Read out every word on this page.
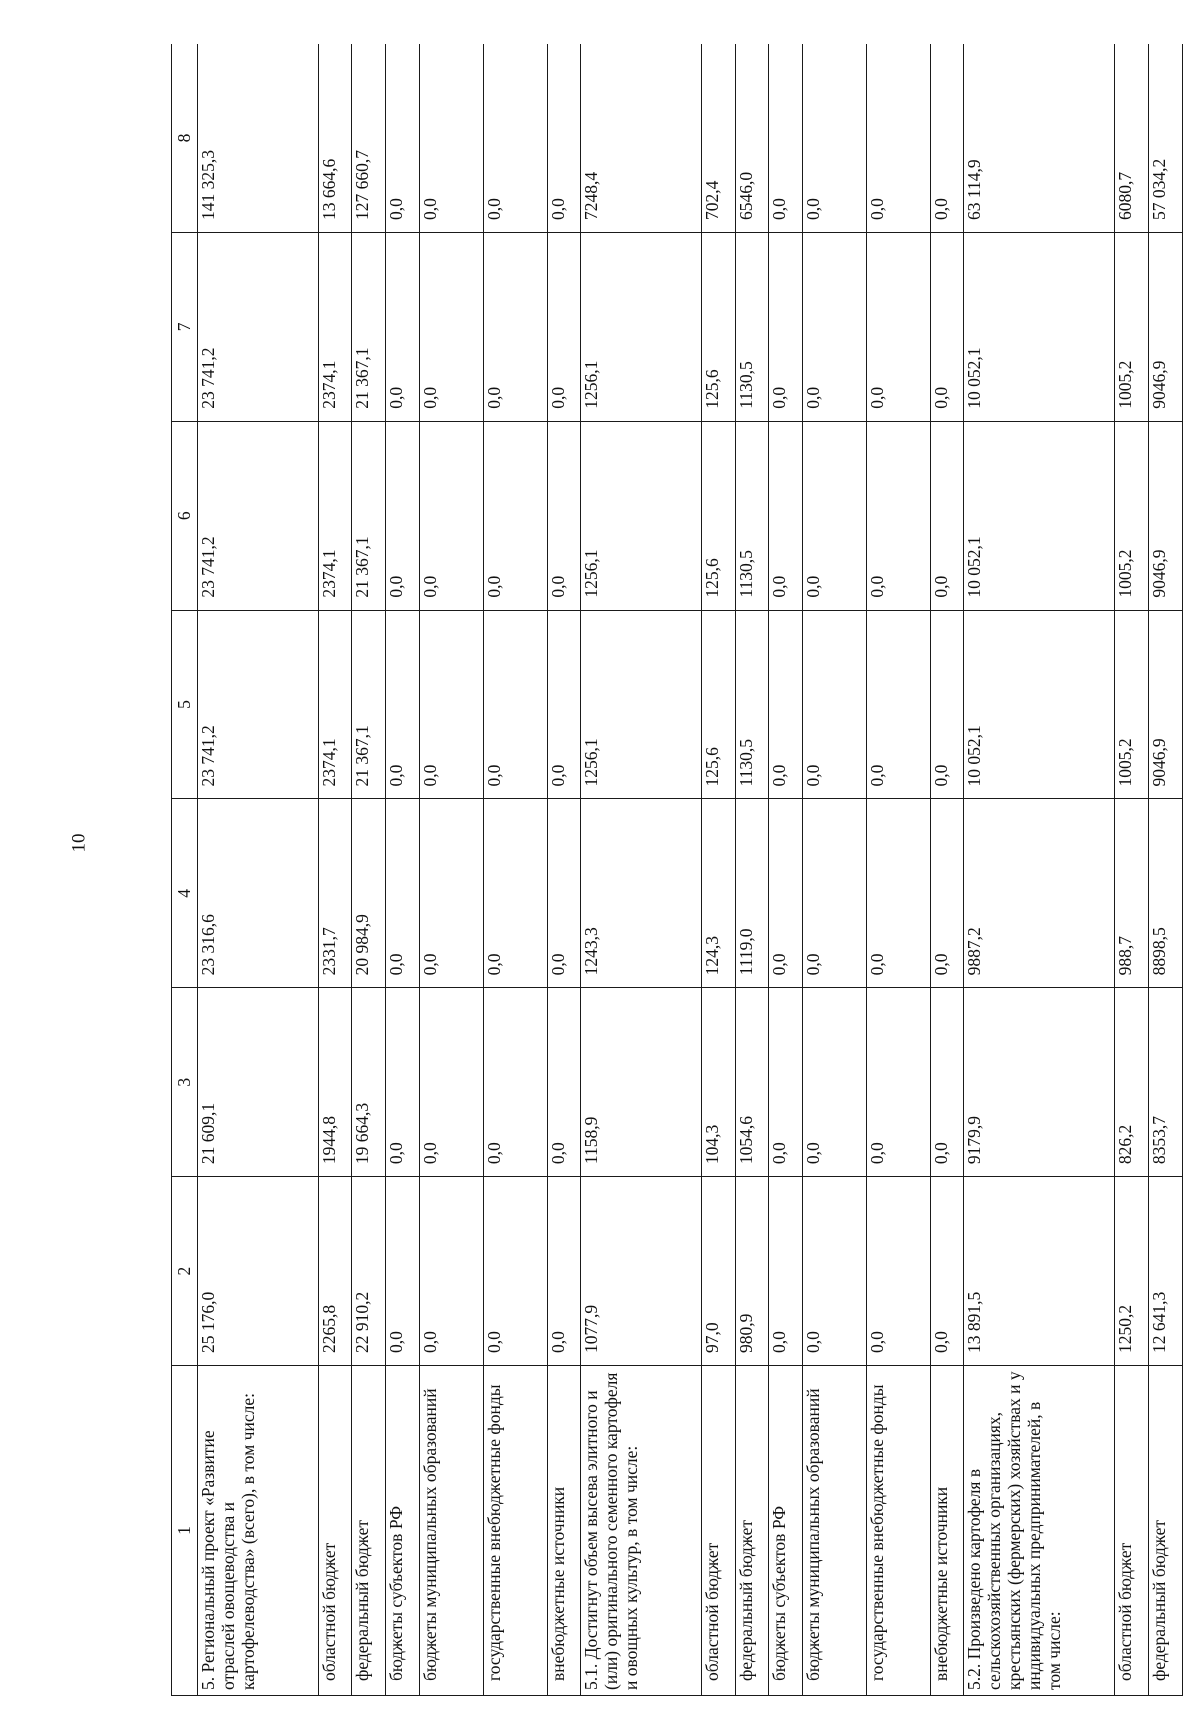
10
1	2	3	4	5	6	7	8
5. Региональный проект «Развитие отраслей овощеводства и картофелеводства» (всего), в том числе:	25 176,0	21 609,1	23 316,6	23 741,2	23 741,2	23 741,2	141 325,3
областной бюджет	2265,8	1944,8	2331,7	2374,1	2374,1	2374,1	13 664,6
федеральный бюджет	22 910,2	19 664,3	20 984,9	21 367,1	21 367,1	21 367,1	127 660,7
бюджеты субъектов РФ	0,0	0,0	0,0	0,0	0,0	0,0	0,0
бюджеты муниципальных образований	0,0	0,0	0,0	0,0	0,0	0,0	0,0
государственные внебюджетные фонды	0,0	0,0	0,0	0,0	0,0	0,0	0,0
внебюджетные источники	0,0	0,0	0,0	0,0	0,0	0,0	0,0
5.1. Достигнут объем высева элитного и (или) оригинального семенного картофеля и овощных культур, в том числе:	1077,9	1158,9	1243,3	1256,1	1256,1	1256,1	7248,4
областной бюджет	97,0	104,3	124,3	125,6	125,6	125,6	702,4
федеральный бюджет	980,9	1054,6	1119,0	1130,5	1130,5	1130,5	6546,0
бюджеты субъектов РФ	0,0	0,0	0,0	0,0	0,0	0,0	0,0
бюджеты муниципальных образований	0,0	0,0	0,0	0,0	0,0	0,0	0,0
государственные внебюджетные фонды	0,0	0,0	0,0	0,0	0,0	0,0	0,0
внебюджетные источники	0,0	0,0	0,0	0,0	0,0	0,0	0,0
5.2. Произведено картофеля в сельскохозяйственных организациях, крестьянских (фермерских) хозяйствах и у индивидуальных предпринимателей, в том числе:	13 891,5	9179,9	9887,2	10 052,1	10 052,1	10 052,1	63 114,9
областной бюджет	1250,2	826,2	988,7	1005,2	1005,2	1005,2	6080,7
федеральный бюджет	12 641,3	8353,7	8898,5	9046,9	9046,9	9046,9	57 034,2
